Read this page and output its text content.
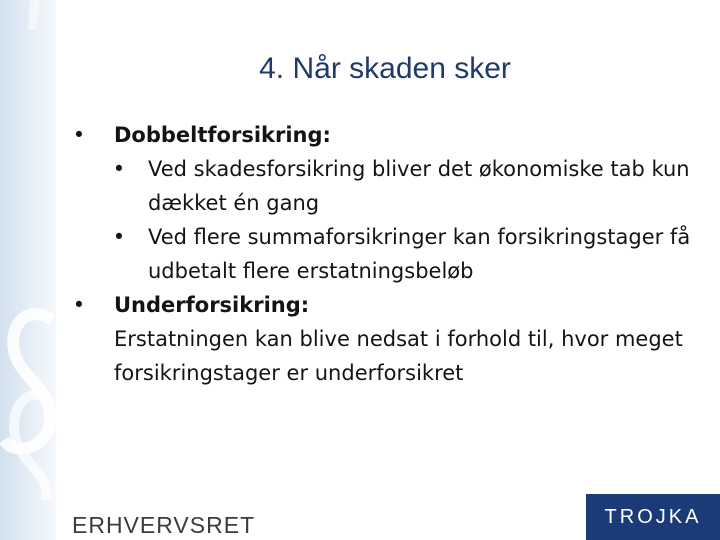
4. Når skaden sker
• Dobbeltforsikring:
• Ved skadesforsikring bliver det økonomiske tab kun dækket én gang
• Ved flere summaforsikringer kan forsikringstager få udbetalt flere erstatningsbeløb
• Underforsikring:
Erstatningen kan blive nedsat i forhold til, hvor meget forsikringstager er underforsikret
ERHVERVSRET	TROJKA
